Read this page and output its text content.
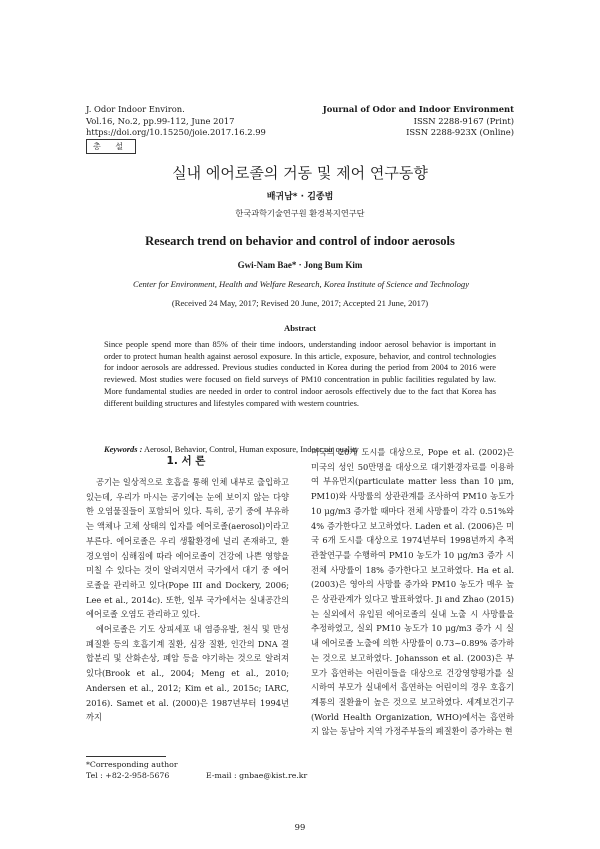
J. Odor Indoor Environ.
Vol.16, No.2, pp.99-112, June 2017
https://doi.org/10.15250/joie.2017.16.2.99
Journal of Odor and Indoor Environment
ISSN 2288-9167 (Print)
ISSN 2288-923X (Online)
총 설
실내 에어로졸의 거동 및 제어 연구동향
배귀남* · 김종범
한국과학기술연구원 환경복지연구단
Research trend on behavior and control of indoor aerosols
Gwi-Nam Bae* · Jong Bum Kim
Center for Environment, Health and Welfare Research, Korea Institute of Science and Technology
(Received 24 May, 2017; Revised 20 June, 2017; Accepted 21 June, 2017)
Abstract
Since people spend more than 85% of their time indoors, understanding indoor aerosol behavior is important in order to protect human health against aerosol exposure. In this article, exposure, behavior, and control technologies for indoor aerosols are addressed. Previous studies conducted in Korea during the period from 2004 to 2016 were reviewed. Most studies were focused on field surveys of PM10 concentration in public facilities regulated by law. More fundamental studies are needed in order to control indoor aerosols effectively due to the fact that Korea has different building structures and lifestyles compared with western countries.
Keywords : Aerosol, Behavior, Control, Human exposure, Indoor air quality
1. 서 론

공기는 일상적으로 호흡을 통해 인체 내부로 출입하고 있는데, 우리가 마시는 공기에는 눈에 보이지 않는 다양한 오염물질들이 포함되어 있다. 특히, 공기 중에 부유하는 액체나 고체 상태의 입자를 에어로졸(aerosol)이라고 부른다. 에어로졸은 우리 생활환경에 널리 존재하고, 환경오염이 심해짐에 따라 에어로졸이 건강에 나쁜 영향을 미칠 수 있다는 것이 알려지면서 국가에서 대기 중 에어로졸을 관리하고 있다(Pope III and Dockery, 2006; Lee et al., 2014c). 또한, 일부 국가에서는 실내공간의 에어로졸 오염도 관리하고 있다.

에어로졸은 기도 상피세포 내 염증유발, 천식 및 만성 폐질환 등의 호흡기계 질환, 심장 질환, 인간의 DNA 결합분리 및 산화손상, 폐암 등을 야기하는 것으로 알려져 있다(Brook et al., 2004; Meng et al., 2010; Andersen et al., 2012; Kim et al., 2015c; IARC, 2016). Samet et al. (2000)은 1987년부터 1994년까지

미국의 20개 도시를 대상으로, Pope et al. (2002)은 미국의 성인 50만명을 대상으로 대기환경자료를 이용하여 부유먼지(particulate matter less than 10 μm, PM10)와 사망률의 상관관계를 조사하여 PM10 농도가 10 μg/m3 증가할 때마다 전체 사망률이 각각 0.51%와 4% 증가한다고 보고하였다. Laden et al. (2006)은 미국 6개 도시를 대상으로 1974년부터 1998년까지 추적관찰연구를 수행하여 PM10 농도가 10 μg/m3 증가 시 전체 사망률이 18% 증가한다고 보고하였다. Ha et al. (2003)은 영아의 사망률 증가와 PM10 농도가 매우 높은 상관관계가 있다고 발표하였다. Ji and Zhao (2015)는 실외에서 유입된 에어로졸의 실내 노출 시 사망률을 추정하였고, 실외 PM10 농도가 10 μg/m3 증가 시 실내 에어로졸 노출에 의한 사망률이 0.73~0.89% 증가하는 것으로 보고하였다. Johansson et al. (2003)은 부모가 흡연하는 어린이들을 대상으로 건강영향평가를 실시하여 부모가 실내에서 흡연하는 어린이의 경우 호흡기계통의 질환율이 높은 것으로 보고하였다. 세계보건기구(World Health Organization, WHO)에서는 흡연하지 않는 동남아 지역 가정주부들의 폐질환이 증가하는 현

*Corresponding author
Tel : +82-2-958-5676	E-mail : gnbae@kist.re.kr
99
